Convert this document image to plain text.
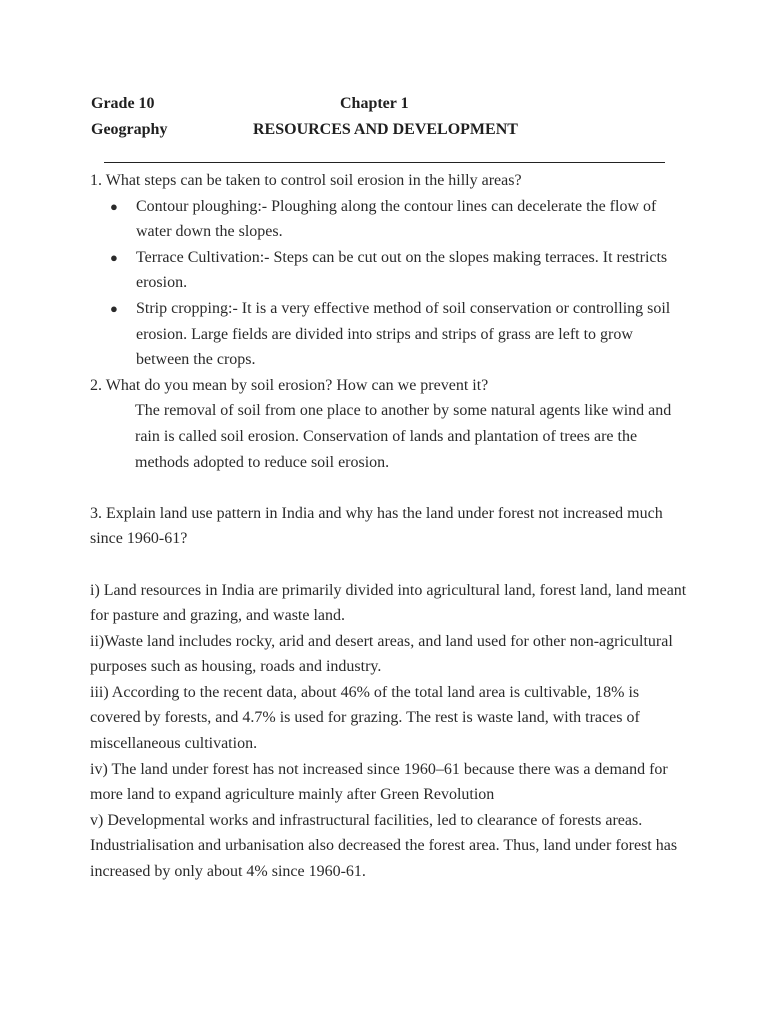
Grade 10	Chapter 1
Geography	RESOURCES AND DEVELOPMENT

1. What steps can be taken to control soil erosion in the hilly areas?

● Contour ploughing:- Ploughing along the contour lines can decelerate the flow of water down the slopes.
● Terrace Cultivation:- Steps can be cut out on the slopes making terraces. It restricts erosion.
● Strip cropping:- It is a very effective method of soil conservation or controlling soil erosion. Large fields are divided into strips and strips of grass are left to grow between the crops.

2. What do you mean by soil erosion? How can we prevent it?

The removal of soil from one place to another by some natural agents like wind and rain is called soil erosion. Conservation of lands and plantation of trees are the methods adopted to reduce soil erosion.

3. Explain land use pattern in India and why has the land under forest not increased much since 1960-61?

i) Land resources in India are primarily divided into agricultural land, forest land, land meant for pasture and grazing, and waste land.

ii)Waste land includes rocky, arid and desert areas, and land used for other non-agricultural purposes such as housing, roads and industry.

iii) According to the recent data, about 46% of the total land area is cultivable, 18% is covered by forests, and 4.7% is used for grazing. The rest is waste land, with traces of miscellaneous cultivation.

iv) The land under forest has not increased since 1960–61 because there was a demand for more land to expand agriculture mainly after Green Revolution

v) Developmental works and infrastructural facilities, led to clearance of forests areas. Industrialisation and urbanisation also decreased the forest area. Thus, land under forest has increased by only about 4% since 1960-61.
